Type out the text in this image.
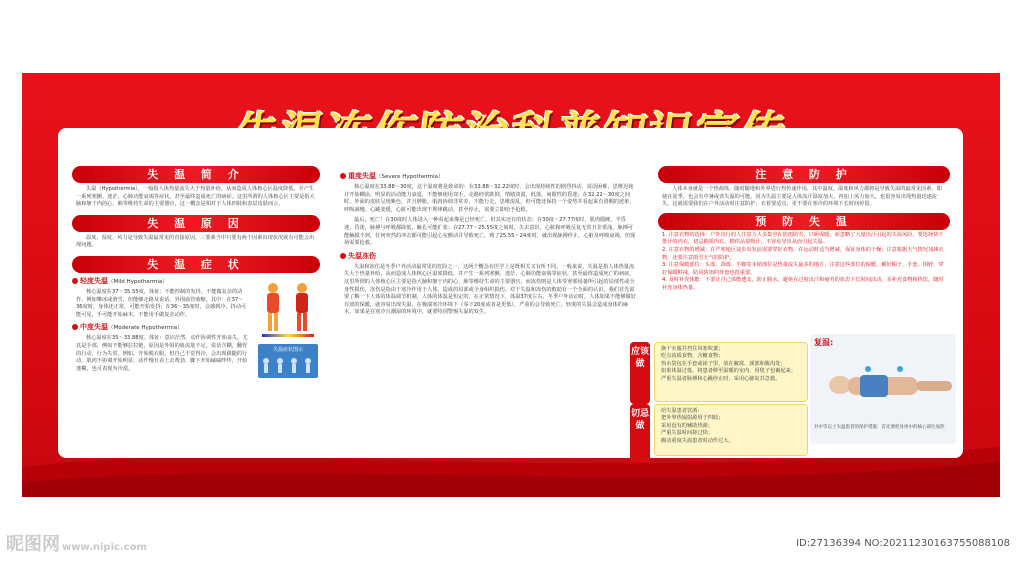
失 温 简 介
失温（Hypothermia），一般指人体热量流失大于热量补给，从而造成人体核心区温度降低，并产生一系列寒颤、迷茫、心肺功能衰竭等症状，甚至最终造成死亡的病症。这里所谓的人体核心区主要是指大脑和躯干内的心、肺等维持生命的主要器官，这一概念是相对于人体四肢和表层皮肤而言。
失 温 原 因
温度、湿度、风力是导致失温最常见的直接原因。三要素当中只要有两个因素出现状况就有可能会出现问题。
失 温 症 状
轻度失温（Mild Hypothermia）
核心温度在37～35.55度。体征：不能控制的发抖，不能做复杂的动作，例如攀冰或滑雪，但能够走路及说话，外围血管收缩。其中：在37～36度时，身体还正常，可能开始发抖；在36～35度时，会感到冷，抖动可能可见，手可能开始麻木。不能用手做复杂动作。
中度失温（Moderate Hypothermia）
核心温度在35～33.88度。体征：意识茫然，动作协调性开始丧失，尤其是手部，例如不能够拉拉链，原因是外围的血流量不足，说话含糊，翻胃的行动，行为失常，例如，开始脱衣服，但自己不觉得冷，会出现跟随的行动，肌肉不协调开始明显，动作慢且看上去费劲，脚下开始磕磕绊绊，开始迷糊，也可表现为冷漠。
失温症状图示
重度失温（Severe Hypothermia）
核心温度在33.88～30度，这个温度将是致命的：在33.88～32.22度时，会出现持续性的剧烈抖动，说话困难，思维迟钝并开始糊涂，明显的活动能力衰退，不能够使用双手，走路经常跌倒，情绪淡漠，低落，间歇性的昏迷；在32.22～30度之间时，外面的皮肤呈现紫色，并且肿胀，肌肉协调非常差，不能行走，思维混乱，但可能还保持一个姿势并看起来有清醒的迹象，呼吸减慢、心跳变缓，心脏可能出现不规律跳动，甚至停止，需要立即给予抢救。
最后，死亡！在30度时人体进入一种看起来像是已经死亡，但其实还有的状态；在30度～27.77度时，肌肉僵硬，半昏迷，昏迷，脉搏与呼吸都降低，瞳孔可能扩张；在27.77～25.55度之间时，失去意识，心脏和呼吸反复无常且非常浅，脉搏可能触摸不到，任何突然的冲击都可能引起心室颤动并导致死亡，到了25.55～24度时，就出现脉搏停止，心脏及呼吸衰竭，但现场需要抢救。
失温冻伤
失温和冻伤是冬季户外活动最常见的危险之一，这两个概念在医学上是既相关又有所不同。一般来说，失温是指人体热量流失大于热量补给，从而造成人体核心区温度降低，并产生一系列寒颤、迷茫、心肺功能衰竭等症状，甚至最终造成死亡的病症。这里所谓的人体核心区主要是指大脑和躯干内的心、肺等维持生命的主要器官。而冻伤则是人体受寒邪侵袭所引起的局部性或全身性损伤，冻伤是指由于寒冷作用于人体，造成的局部或全身组织损伤。对于失温和冻伤的救助有一个全面的认识，我们首先需要了解一下人体的体温调节机制，人体的体温是恒定的，在正常情况下，体温37度左右，冬季户外活动时，人体如果不能够做好有效的保暖，就容易出现失温，在极端寒冷环境下（零下20度或者是更低），严重的会导致死亡，轻度的失温会造成身体的麻木，如果是在寒冷且潮湿的环境中，就要特别警惕失温的发生。
注 意 防 护
人体本身就是一个热源体，随时随地和外界进行热传递作用，其中温度、湿度和风力都将是导致失温的最常见因素，即使在夏季，也会有中暑或者失温的可能，因为失温主要是人体流汗湿度加大，再加上风力加大，也很容易出现热量迅速流失，这就需要我们在户外活动时注意防护，衣着要适宜，更不要在寒冷的环境下长时间停留。
预 防 失 温
1. 注意衣物的选择：户外出行的人注意力大多集中在防雨防雪，只顾保暖，而忽略了大量出汗引起的失温风险，要选择快干排汗的内衣，切忌棉质内衣，棉织品很吸汗，不容易导出从而引起失温。
2. 注意衣物的增减：在严寒地区徒步出发前需要穿好衣物，在运动时适当增减，保证身体的干燥；注意根据天气情况加减衣物，还要注意雨雪天气的防护。
3. 注意保暖部位：头部、颈部、手脚等末梢部位是热量流失最多的地方，注意这些部位的保暖，戴好帽子、手套、围脖，穿好保暖鞋袜，防风防雨的外套也很重要。
4. 及时补充体能：不要让自己体能透支，防止脱水，避免在过度出汗和疲劳的状态下长时间活动，多补充食物和热饮，随时补充身体热量。
应该做
换干衣服并挡住风寒吹袭；
吃点流质食物，含糖食物；
热水袋包在手套或袜子里，放在腋窝、颈部和腹沟处；
如果体温过低，将患者移至温暖的室内，用毯子包裹起来；
严重失温者脉搏和心跳停止时，采用心肺复苏急救。
切忌做
给失温患者饮酒；
把外界热辐射源用于四肢；
采用没有的辅助热源；
严重失温时间搓过快；
搬动重度失温患者时动作过大。
复温:
对中等以上失温患者的保护措施：首先要把身体中的核心部位加热
昵图网 www.nipic.com	ID:27136394 NO:20211230163755088108
